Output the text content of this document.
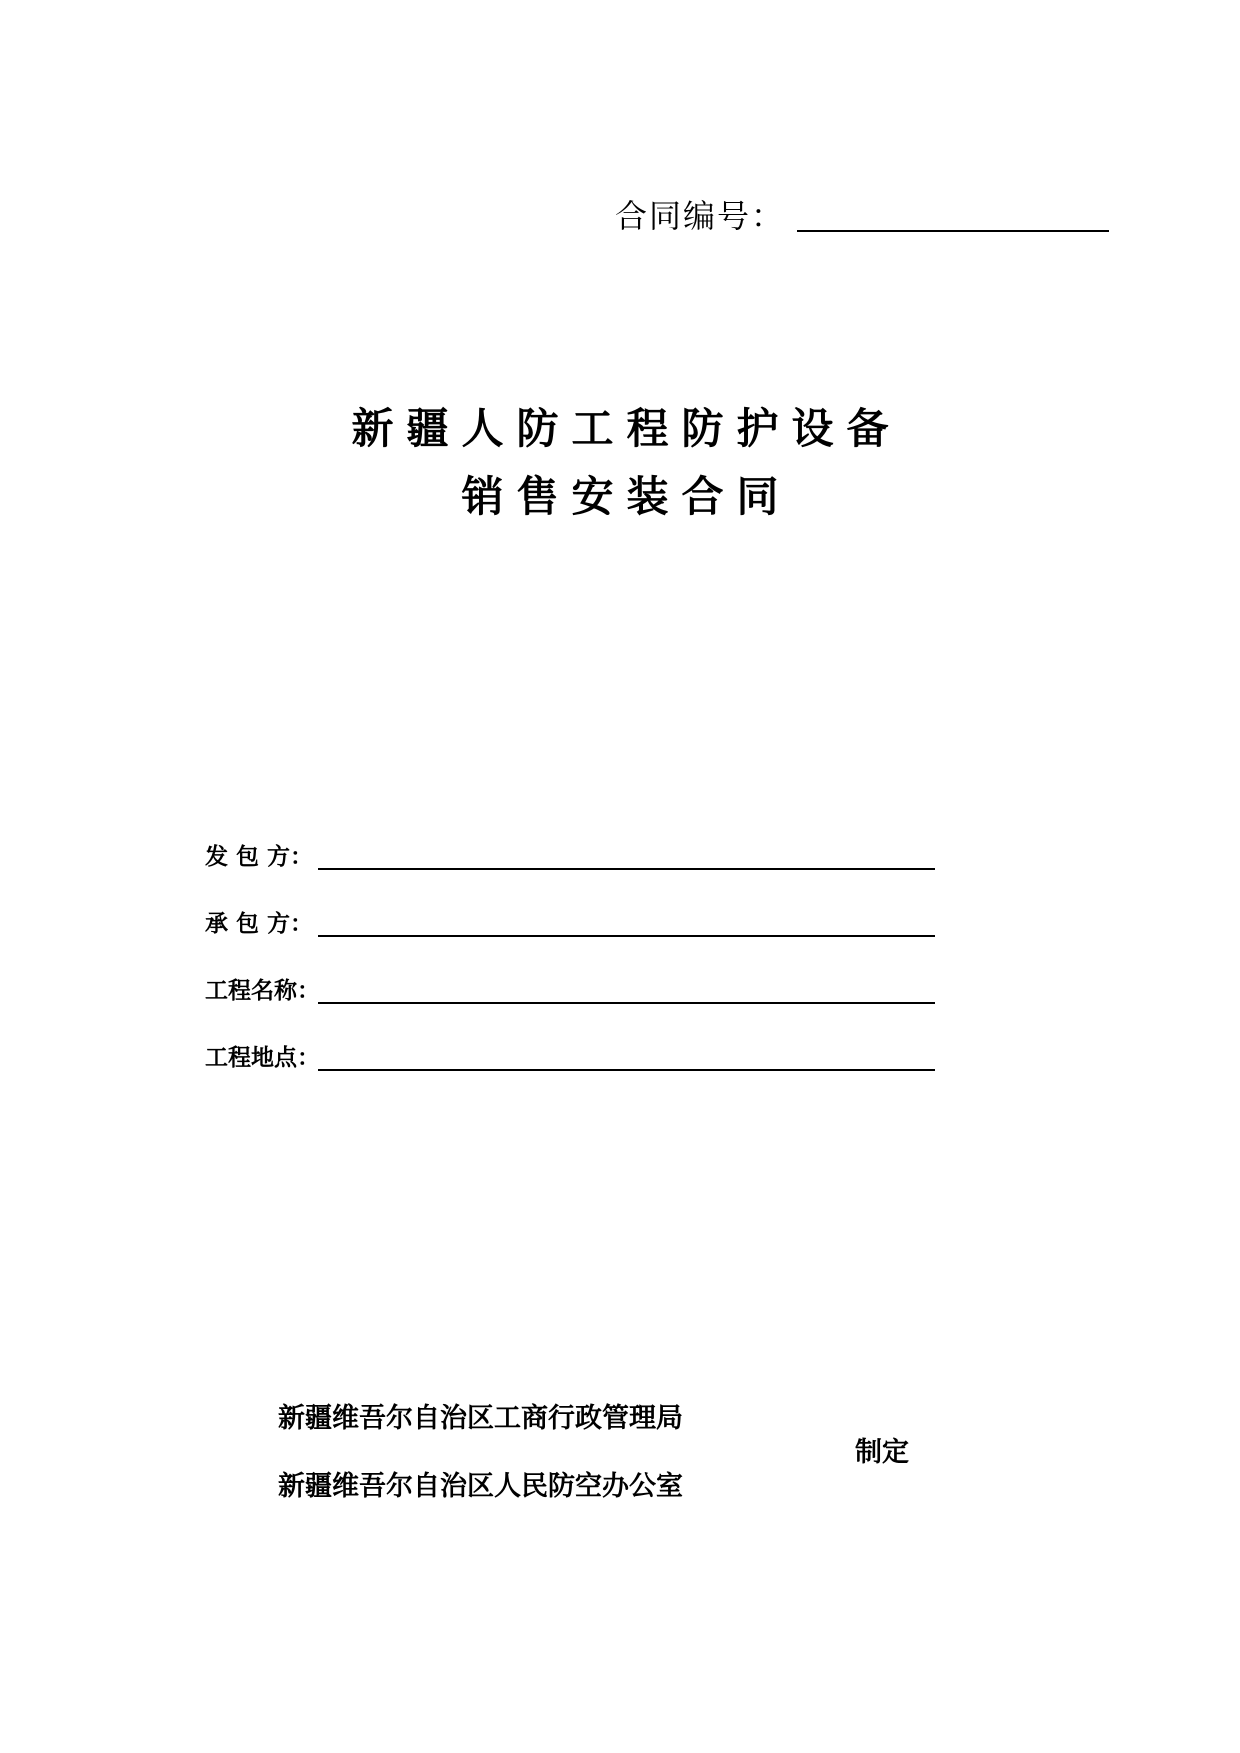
合同编号：
新疆人防工程防护设备
销售安装合同
发 包 方：
承 包 方：
工程名称：
工程地点：
新疆维吾尔自治区工商行政管理局
新疆维吾尔自治区人民防空办公室
制定
